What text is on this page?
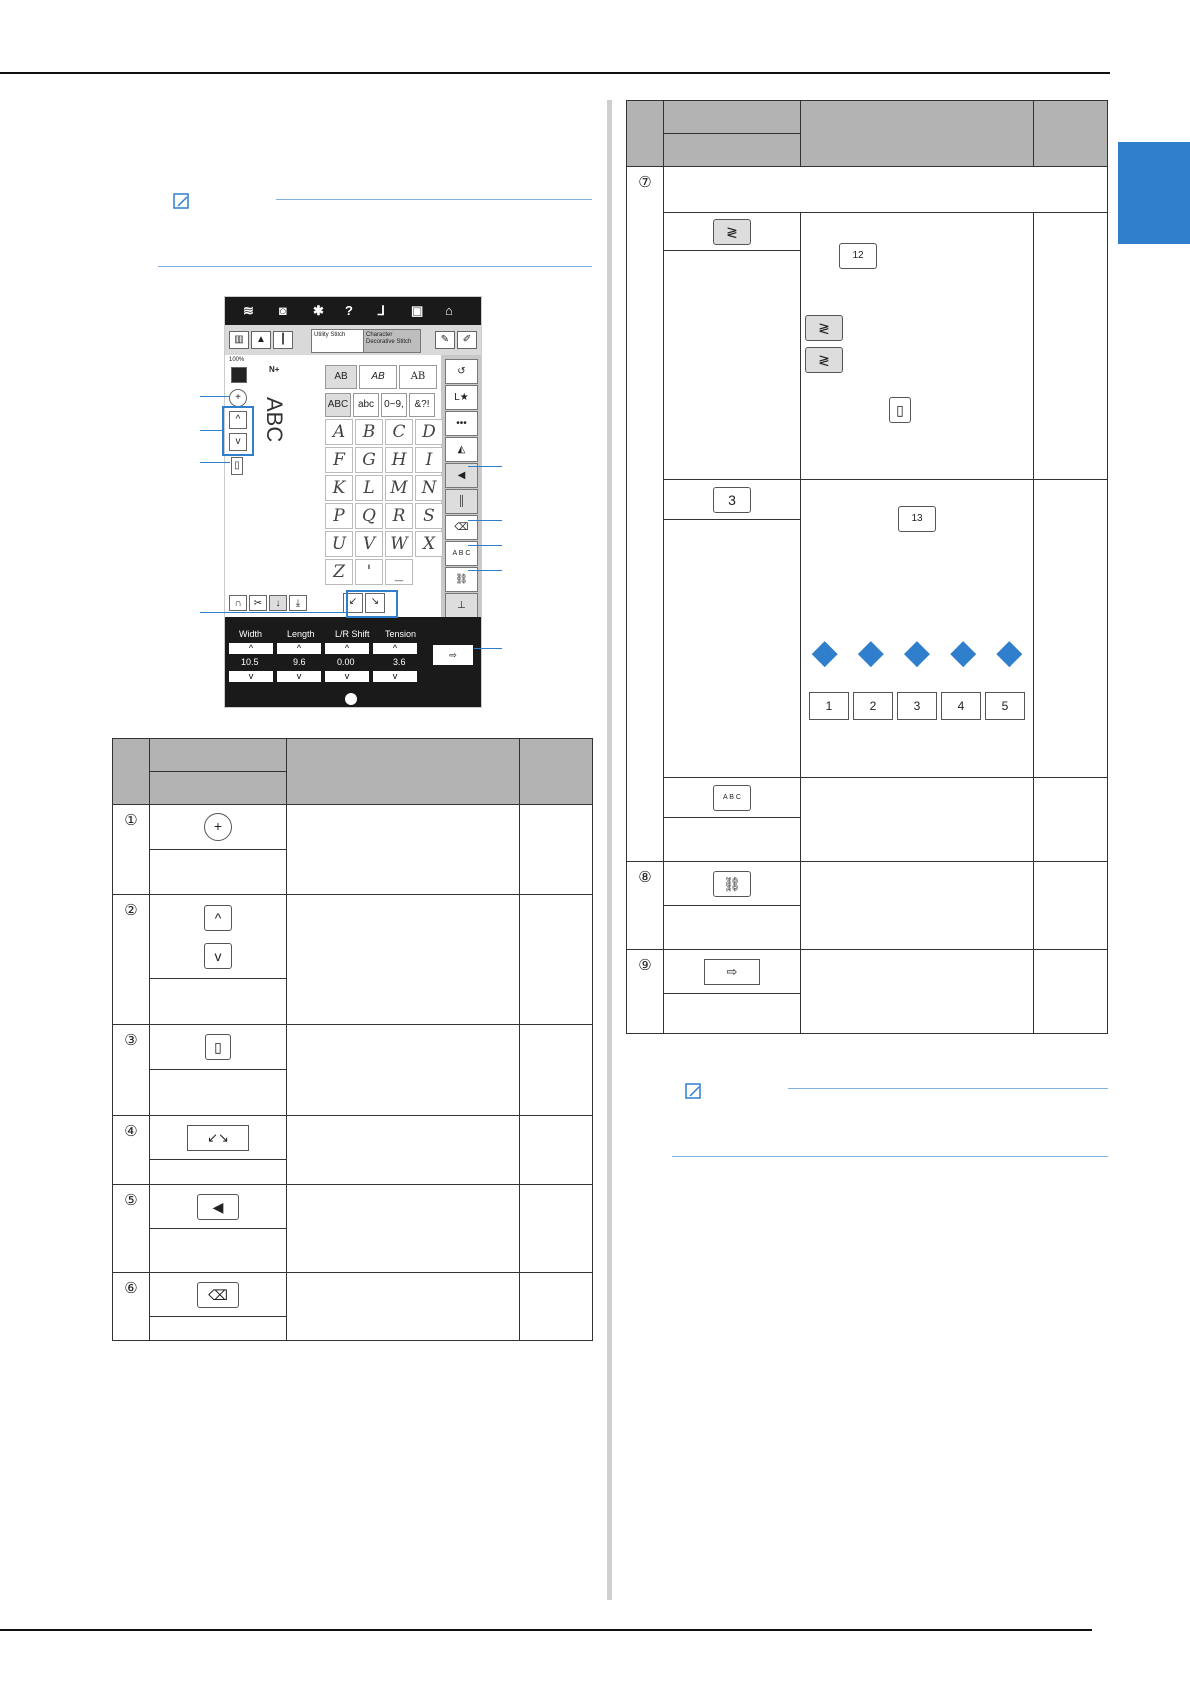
≋ ◙ ✱ ? ᒧ ▣ ⌂
▥	▲	┃	Utility Stitch	Character Decorative Stitch	✎	✐
100%
N+
+
^
v
▯
ABC
AB	AB	AB
ABC abc	0~9,	&?!
↺
L★
•••
◭
◀
║
⌫
A B C
⛓
⊥
∩	✂	↓	⤓	↙	↘
Width	Length L/R Shift Tension
^	^	^	^
10.5	9.6	0.00	3.6
v	v	v	v
⇨
A	B	C D
F	G H	I
K	L M N
P	Q R	S
U V W X
Z	'	_

①	+		

②	^
v		

③	▯		

④	↙↘		

⑤	◀		

⑥	⌫		

⑦			
	≷	12
≷
≷
▯	

	3	13
◆ ◆ ◆ ◆ ◆
1 2 3 4 5	

	A B C		

⑧	⛓		

⑨	⇨		
